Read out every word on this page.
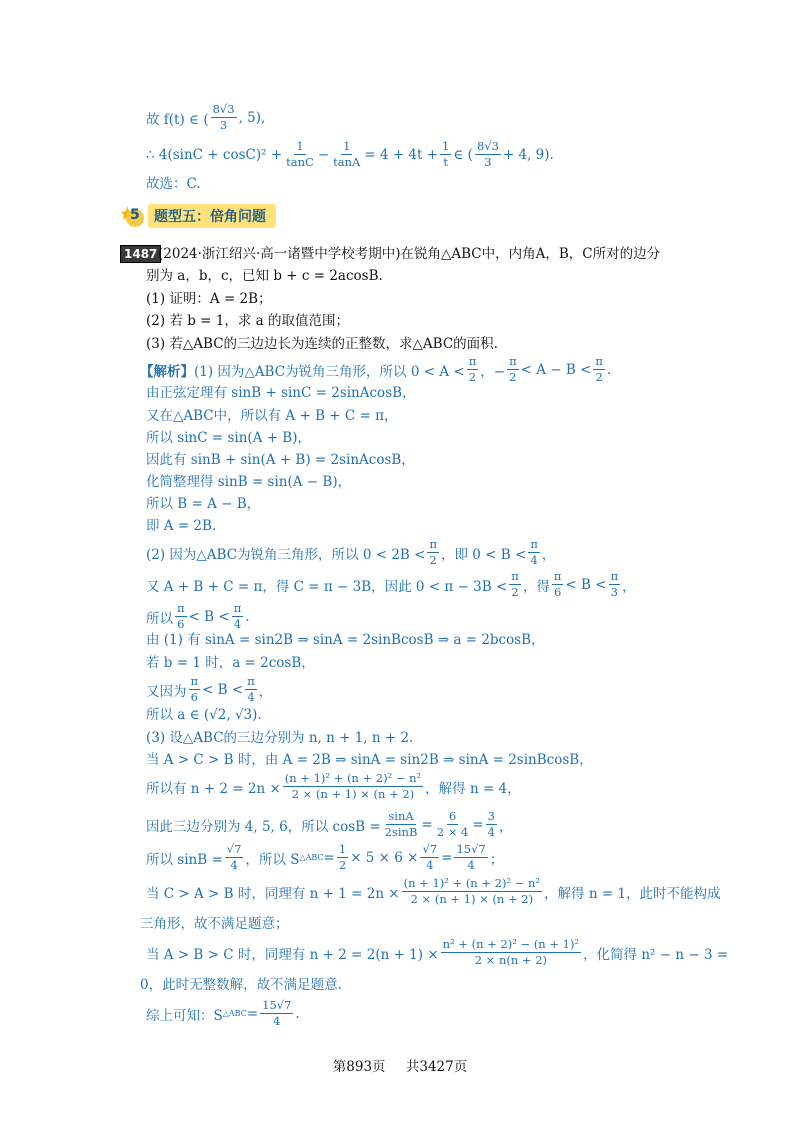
故 f(t) ∈ ( $\frac{8√3}{3}$ , 5),
∴ $4(\sin C + \cos C)^2 + \frac{1}{\tan C} - \frac{1}{\tan A} = 4 + 4t + \frac{1}{t}$ ∈ ( $\frac{8√3}{3} + 4$, 9).
故选：C.
5	题型五：倍角问题
1487 (2024·浙江绍兴·高一诸暨中学校考期中)在锐角△ABC中，内角A，B，C所对的边分
别为 a，b，c，已知 b + c = 2acosB.
(1) 证明：A = 2B；
(2) 若 b = 1，求 a 的取值范围；
(3) 若△ABC的三边边长为连续的正整数，求△ABC的面积.
【解析】 (1) 因为△ABC为锐角三角形，所以 $0 < A < \frac{\pi}{2}$ ，− $\frac{\pi}{2} < A - B < \frac{\pi}{2}$ .
由正弦定理有 sinB + sinC = 2sinAcosB，
又在△ABC中，所以有 A + B + C = π，
所以 sinC = sin(A + B)，
因此有 sinB + sin(A + B) = 2sinAcosB，
化简整理得 sinB = sin(A − B)，
所以 B = A − B，
即 A = 2B.
(2) 因为△ABC为锐角三角形，所以 $0 < 2B < \frac{\pi}{2}$ ，即 $0 < B < \frac{\pi}{4}$ ，
又 A + B + C = π，得 C = π − 3B，因此 $0 < \pi - 3B < \frac{\pi}{2}$ ，得 $\frac{\pi}{6} < B < \frac{\pi}{3}$ ，
所以 $\frac{\pi}{6} < B < \frac{\pi}{4}$ .
由 (1) 有 sinA = sin2B ⇒ sinA = 2sinBcosB ⇒ a = 2bcosB，
若 b = 1 时，a = 2cosB，
又因为 $\frac{\pi}{6} < B < \frac{\pi}{4}$ ，
所以 a ∈ (√2, √3).
(3) 设△ABC的三边分别为 n, n + 1, n + 2.
当 A > C > B 时，由 A = 2B ⇒ sinA = sin2B ⇒ sinA = 2sinBcosB，
所以有 $n + 2 = 2n \times \frac{\text{(n + 1)² + (n + 2)² − n²}}{2 \times (n + 1) \times (n + 2)}$ ，解得 n = 4，
因此三边分别为 4, 5, 6，所以 $\cos B = \frac{\sin A}{2\sin B} = \frac{6}{2 \times 4} = \frac{3}{4}$ ，
所以 $\sin B = \frac{√7}{4}$ ，所以 S △ABC = $\frac{1}{2} \times 5 \times 6 \times \frac{√7}{4} = \frac{15√7}{4}$ ；
当 C > A > B 时，同理有 $n + 1 = 2n \times \frac{\text{(n + 1)² + (n + 2)² − n²}}{2 \times (n + 1) \times (n + 2)}$ ，解得 n = 1，此时不能构成
三角形，故不满足题意；
当 A > B > C 时，同理有 $n + 2 = 2(n + 1) \times \frac{\text{n² + (n + 2)² − (n + 1)²}}{2 \times n(n + 2)}$ ，化简得 n² − n − 3 =
0，此时无整数解，故不满足题意.
综上可知：S △ABC = $\frac{15√7}{4}$ .
第893页 共3427页
